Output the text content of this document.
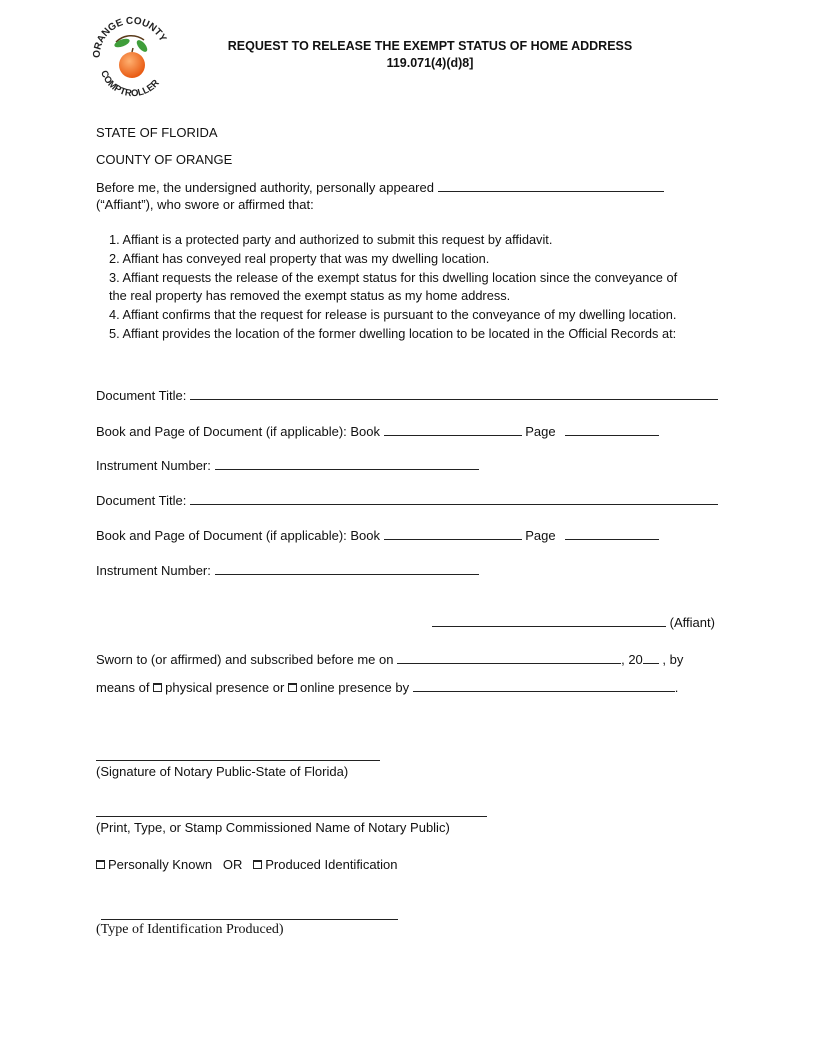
ORANGE COUNTY
COMPTROLLER
REQUEST TO RELEASE THE EXEMPT STATUS OF HOME ADDRESS
119.071(4)(d)8]
STATE OF FLORIDA
COUNTY OF ORANGE
Before me, the undersigned authority, personally appeared
(“Affiant”), who swore or affirmed that:
1. Affiant is a protected party and authorized to submit this request by affidavit.
2. Affiant has conveyed real property that was my dwelling location.
3. Affiant requests the release of the exempt status for this dwelling location since the conveyance of
the real property has removed the exempt status as my home address.
4. Affiant confirms that the request for release is pursuant to the conveyance of my dwelling location.
5. Affiant provides the location of the former dwelling location to be located in the Official Records at:
Document Title:
Book and Page of Document (if applicable): Book	Page
Instrument Number:
Document Title:
Book and Page of Document (if applicable): Book	Page
Instrument Number:
(Affiant)
Sworn to (or affirmed) and subscribed before me on	, 20 , by
means of physical presence or online presence by	.
(Signature of Notary Public-State of Florida)
(Print, Type, or Stamp Commissioned Name of Notary Public)
Personally Known OR Produced Identification
(Type of Identification Produced)
